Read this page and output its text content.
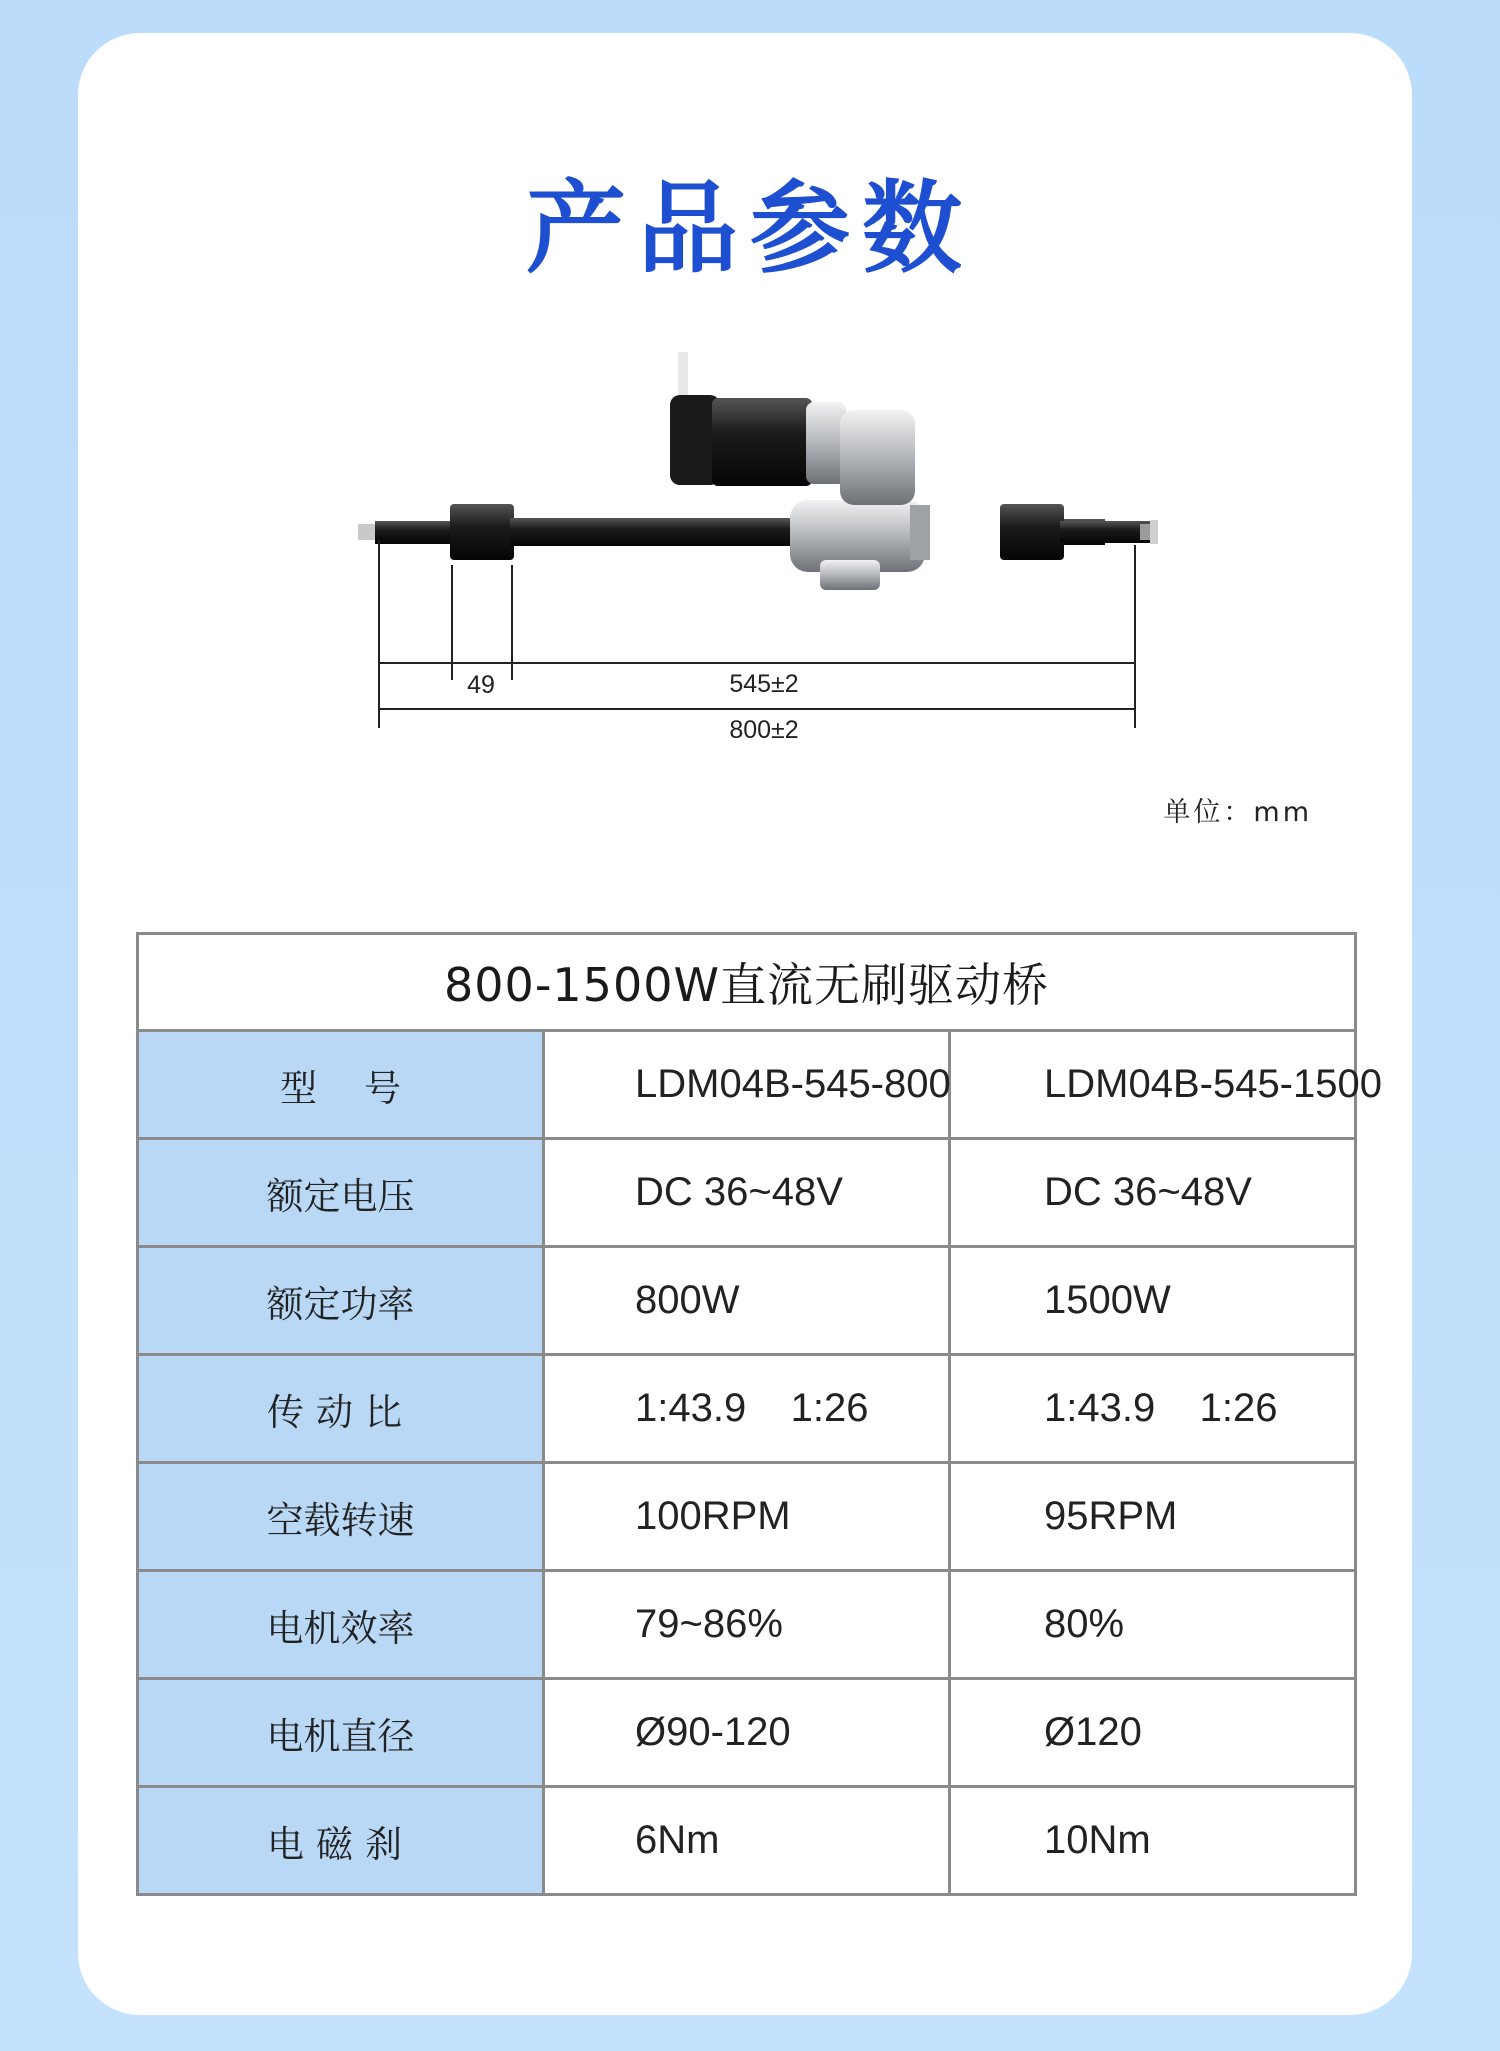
产品参数
49	545±2
800±2
单位：mm
800-1500W直流无刷驱动桥		
型    号	LDM04B-545-800	LDM04B-545-1500
额定电压	DC 36~48V	DC 36~48V
额定功率	800W	1500W
传动比	1:43.9    1:26	1:43.9    1:26
空载转速	100RPM	95RPM
电机效率	79~86%	80%
电机直径	Ø90-120	Ø120
电磁刹	6Nm	10Nm
